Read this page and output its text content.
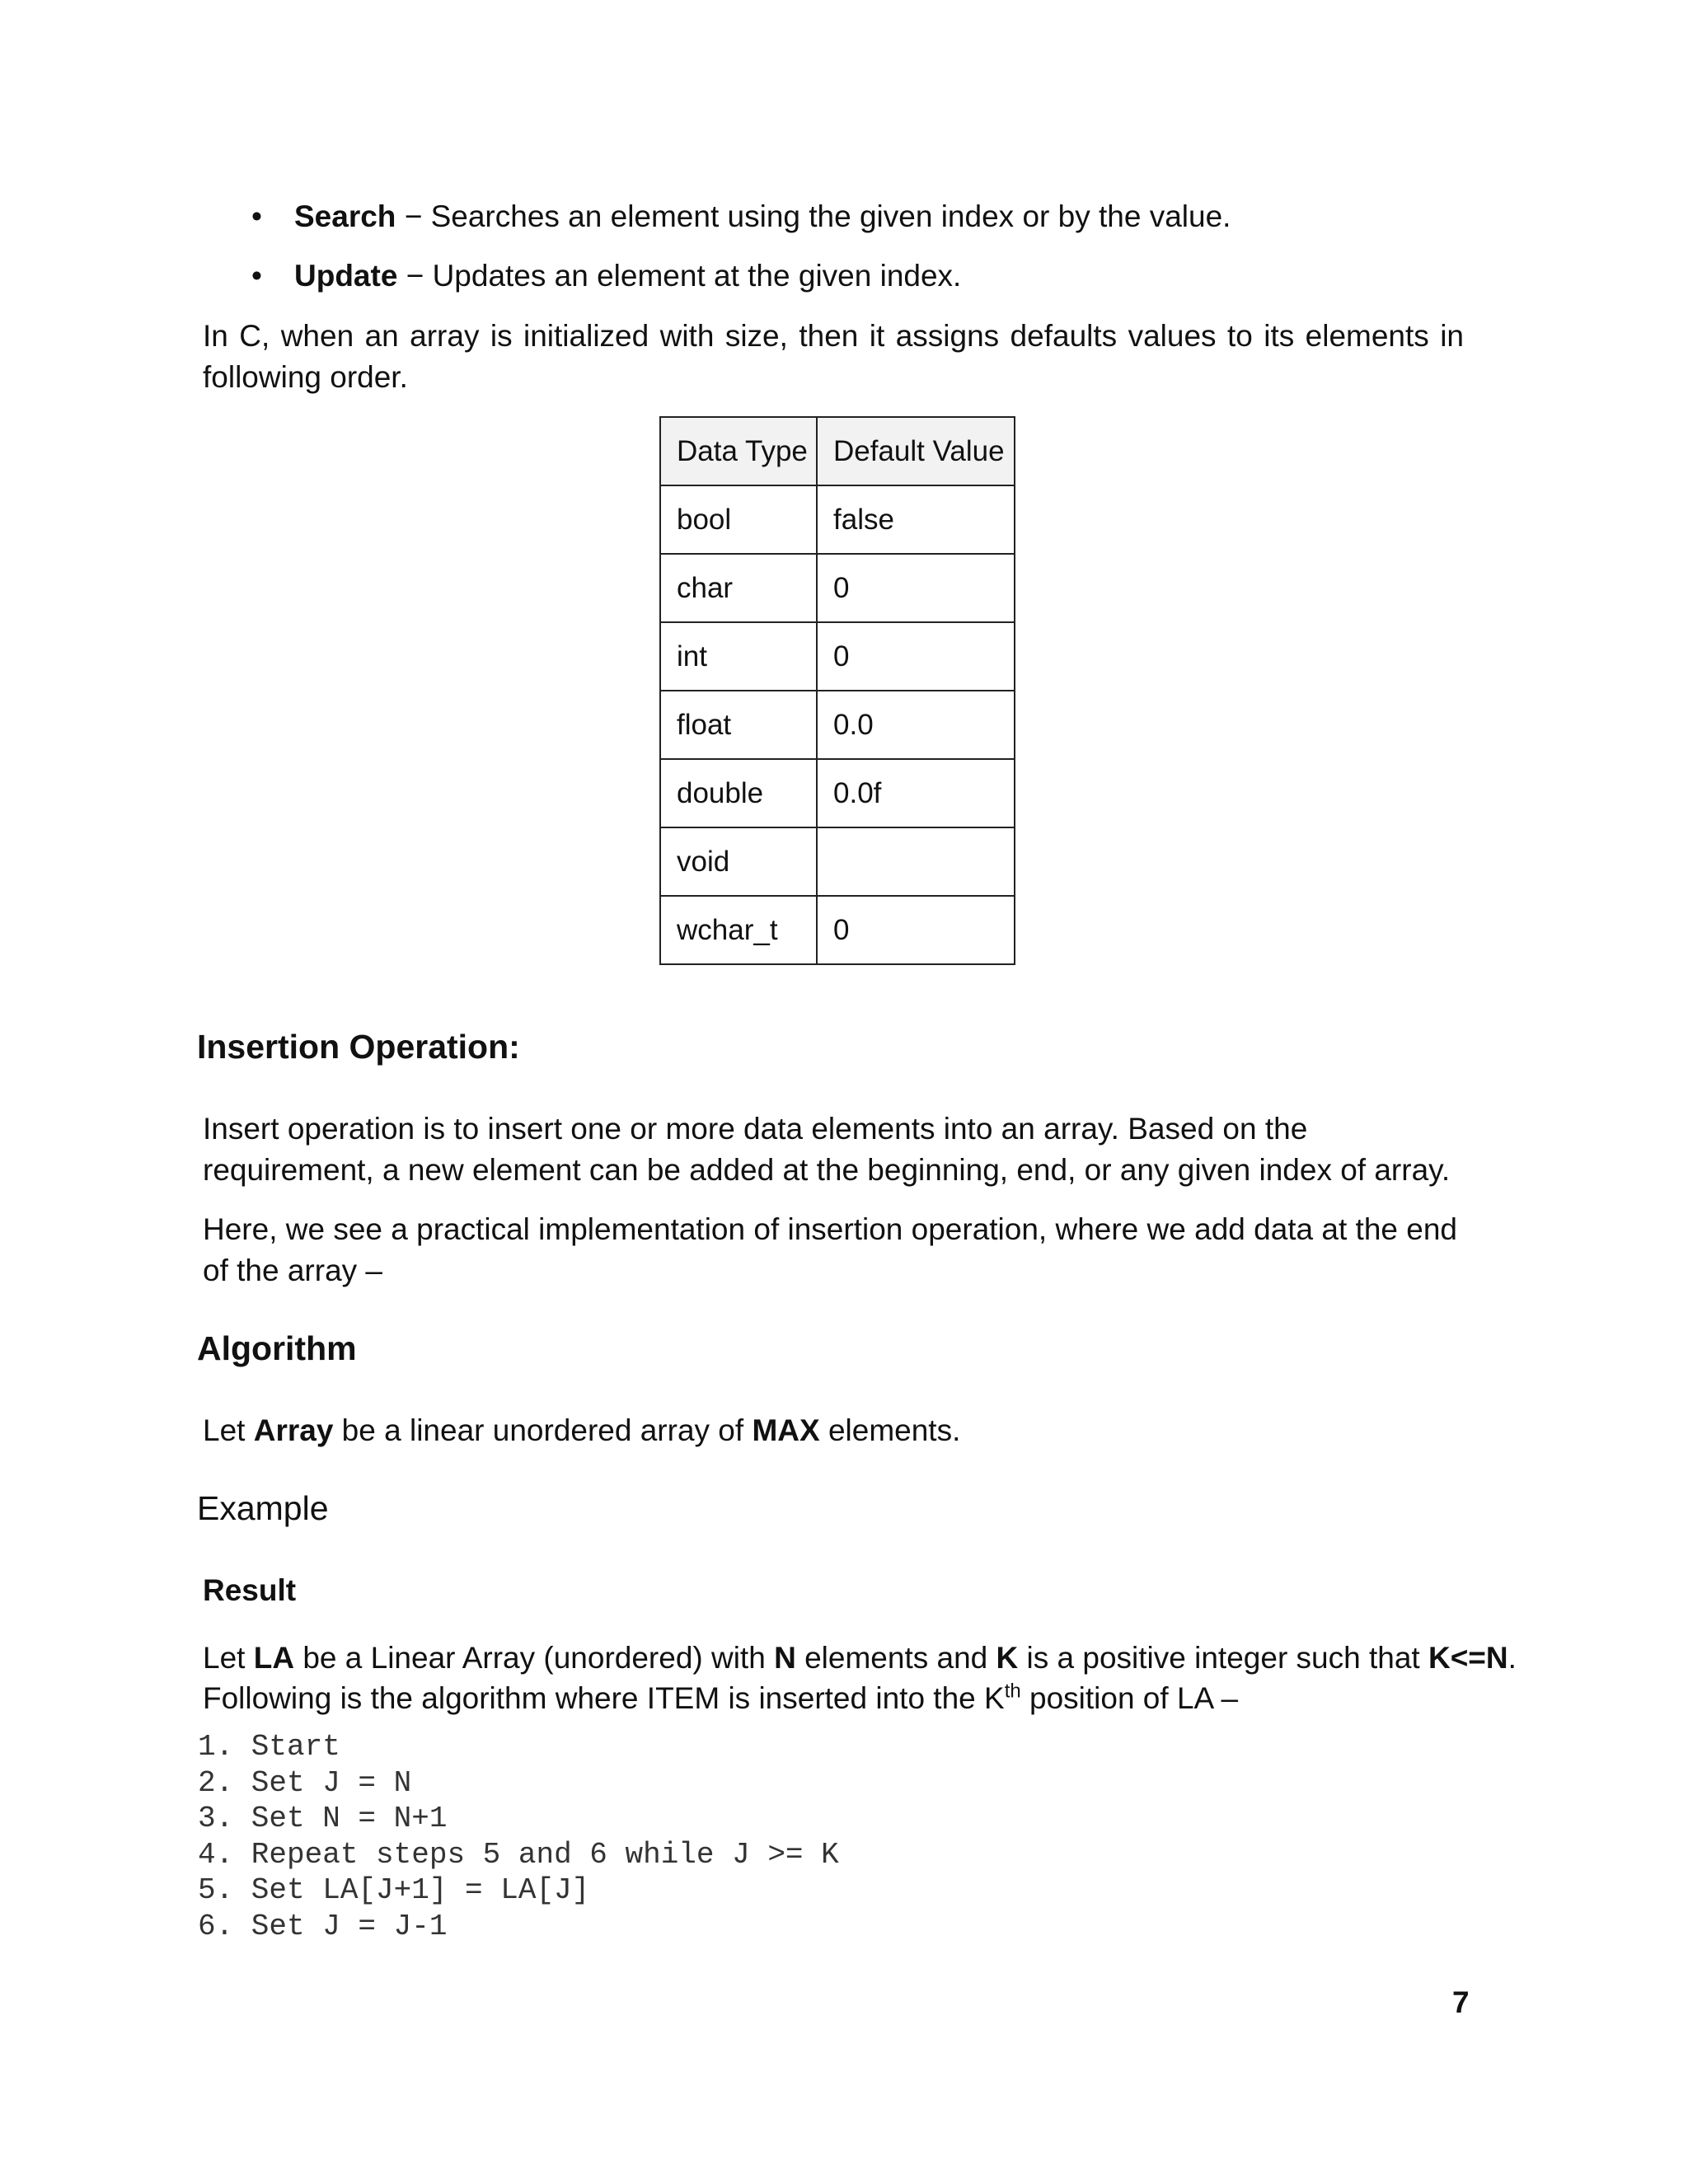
• Search − Searches an element using the given index or by the value.
• Update − Updates an element at the given index.
In C, when an array is initialized with size, then it assigns defaults values to its elements in following order.
Data Type	Default Value
bool	false
char	0
int	0
float	0.0
double	0.0f
void	
wchar_t	0
Insertion Operation:
Insert operation is to insert one or more data elements into an array. Based on the requirement, a new element can be added at the beginning, end, or any given index of array.
Here, we see a practical implementation of insertion operation, where we add data at the end of the array –
Algorithm
Let Array be a linear unordered array of MAX elements.
Example
Result
Let LA be a Linear Array (unordered) with N elements and K is a positive integer such that K<=N.
Following is the algorithm where ITEM is inserted into the $K^{th}$ position of LA –
1. Start
2. Set J = N
3. Set N = N+1
4. Repeat steps 5 and 6 while J >= K
5. Set LA[J+1] = LA[J]
6. Set J = J-1
7
